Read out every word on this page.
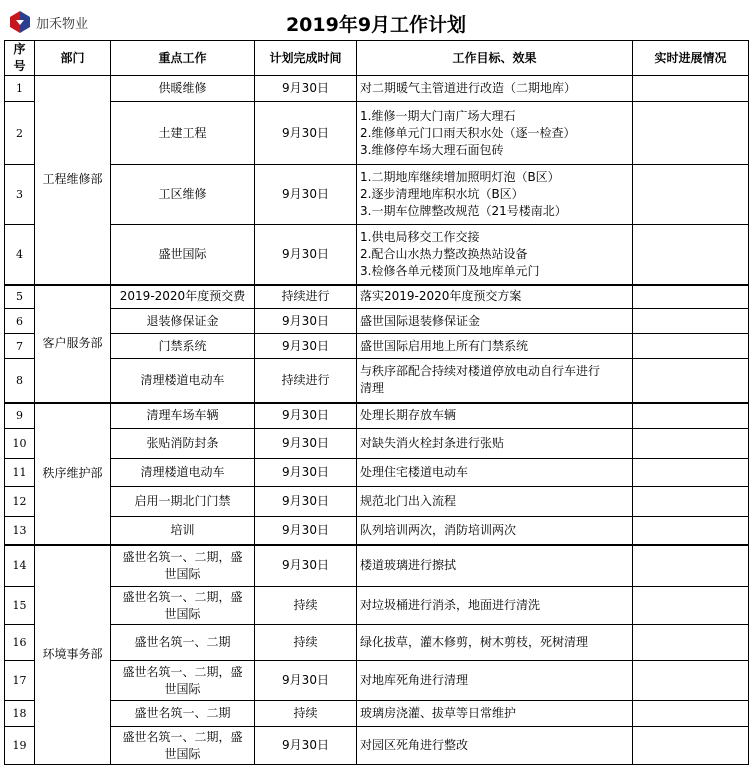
加禾物业	2019年9月工作计划
序号	部门	重点工作	计划完成时间	工作目标、效果	实时进展情况
1	工程维修部	供暖维修	9月30日	对二期暖气主管道进行改造（二期地库）	

2		土建工程	9月30日	1.维修一期大门南广场大理石
2.维修单元门口雨天积水处（逐一检查）
3.维修停车场大理石面包砖	

3		工区维修	9月30日	1.二期地库继续增加照明灯泡（B区）
2.逐步清理地库积水坑（B区）
3.一期车位牌整改规范（21号楼南北）	

4		盛世国际	9月30日	1.供电局移交工作交接
2.配合山水热力整改换热站设备
3.检修各单元楼顶门及地库单元门	

5	客户服务部	2019-2020年度预交费	持续进行	落实2019-2020年度预交方案	

6		退装修保证金	9月30日	盛世国际退装修保证金	

7		门禁系统	9月30日	盛世国际启用地上所有门禁系统	

8		清理楼道电动车	持续进行	与秩序部配合持续对楼道停放电动自行车进行
清理	

9	秩序维护部	清理车场车辆	9月30日	处理长期存放车辆	

10		张贴消防封条	9月30日	对缺失消火栓封条进行张贴	

11		清理楼道电动车	9月30日	处理住宅楼道电动车	

12		启用一期北门门禁	9月30日	规范北门出入流程	

13		培训	9月30日	队列培训两次，消防培训两次	

14	环境事务部	盛世名筑一、二期，盛
世国际	9月30日	楼道玻璃进行擦拭	

15		盛世名筑一、二期，盛
世国际	持续	对垃圾桶进行消杀，地面进行清洗	

16		盛世名筑一、二期	持续	绿化拔草，灌木修剪，树木剪枝，死树清理	

17		盛世名筑一、二期，盛
世国际	9月30日	对地库死角进行清理	

18		盛世名筑一、二期	持续	玻璃房浇灌、拔草等日常维护	

19		盛世名筑一、二期，盛
世国际	9月30日	对园区死角进行整改	
